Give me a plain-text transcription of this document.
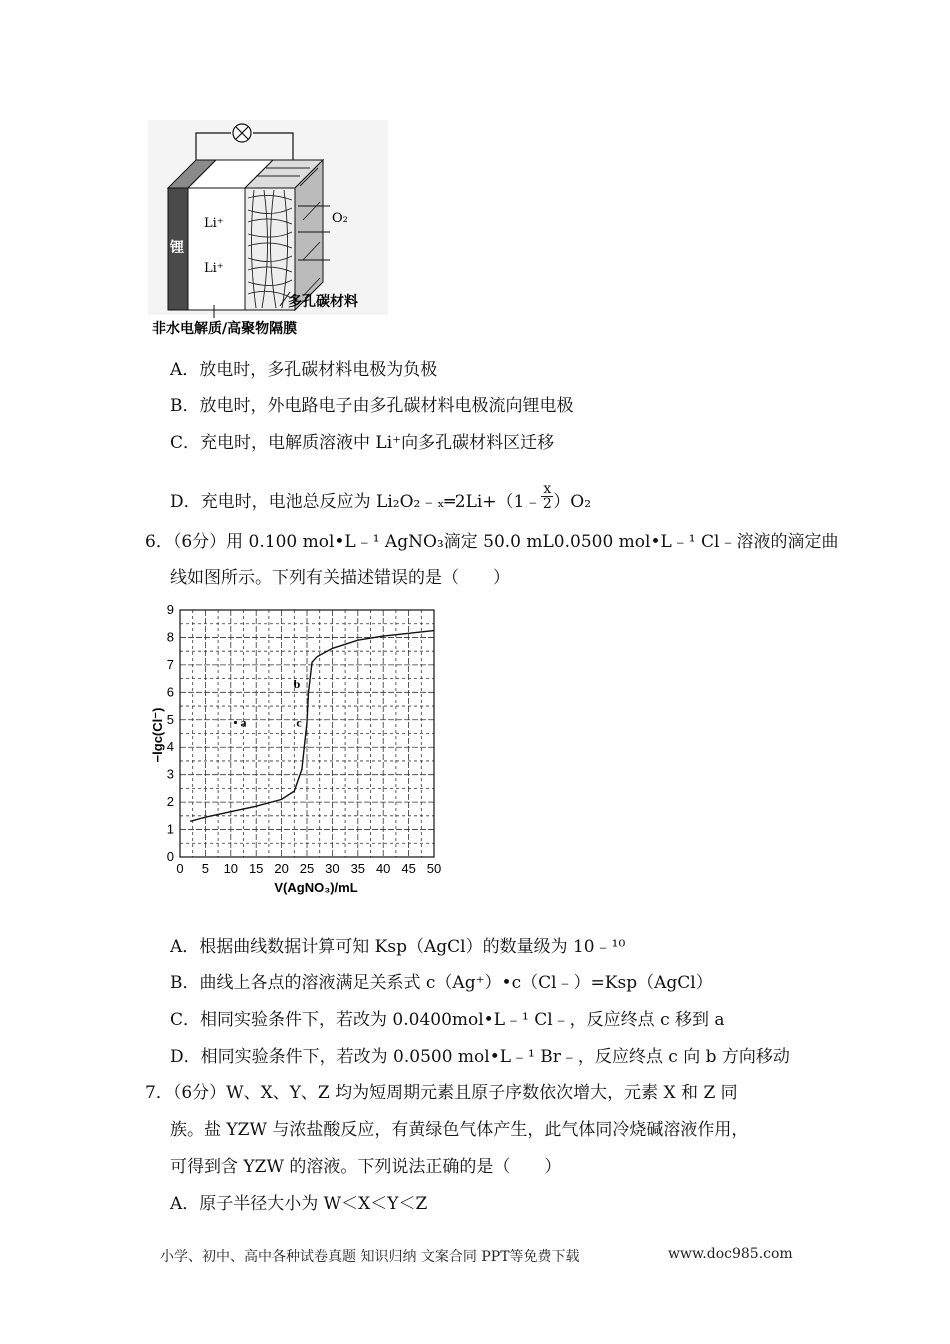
锂
Li⁺
Li⁺
O₂
多孔碳材料
非水电解质/高聚物隔膜
A．放电时，多孔碳材料电极为负极
B．放电时，外电路电子由多孔碳材料电极流向锂电极
C．充电时，电解质溶液中 Li⁺向多孔碳材料区迁移
D．充电时，电池总反应为 Li₂O₂﹣ₓ═2Li+（1﹣ $\frac{x}{2} )O_2$
6．（6分）用 0.100 mol•L﹣¹ AgNO₃滴定 50.0 mL0.0500 mol•L﹣¹ Cl﹣溶液的滴定曲
线如图所示。下列有关描述错误的是（　　）
0 5 10 15 20 25 30 35 40 45 50
0
1
2
3
4
5
6
7
8
9
a
b
c
V(AgNO₃)/mL
−lgc(Cl⁻)
A．根据曲线数据计算可知 Ksp（AgCl）的数量级为 10﹣¹⁰
B．曲线上各点的溶液满足关系式 c（Ag⁺）•c（Cl﹣）=Ksp（AgCl）
C．相同实验条件下，若改为 0.0400mol•L﹣¹ Cl﹣，反应终点 c 移到 a
D．相同实验条件下，若改为 0.0500 mol•L﹣¹ Br﹣，反应终点 c 向 b 方向移动
7．（6分）W、X、Y、Z 均为短周期元素且原子序数依次增大，元素 X 和 Z 同
族。盐 YZW 与浓盐酸反应，有黄绿色气体产生，此气体同冷烧碱溶液作用，
可得到含 YZW 的溶液。下列说法正确的是（　　）
A．原子半径大小为 W＜X＜Y＜Z
小学、初中、高中各种试卷真题 知识归纳 文案合同 PPT等免费下载	www.doc985.com
